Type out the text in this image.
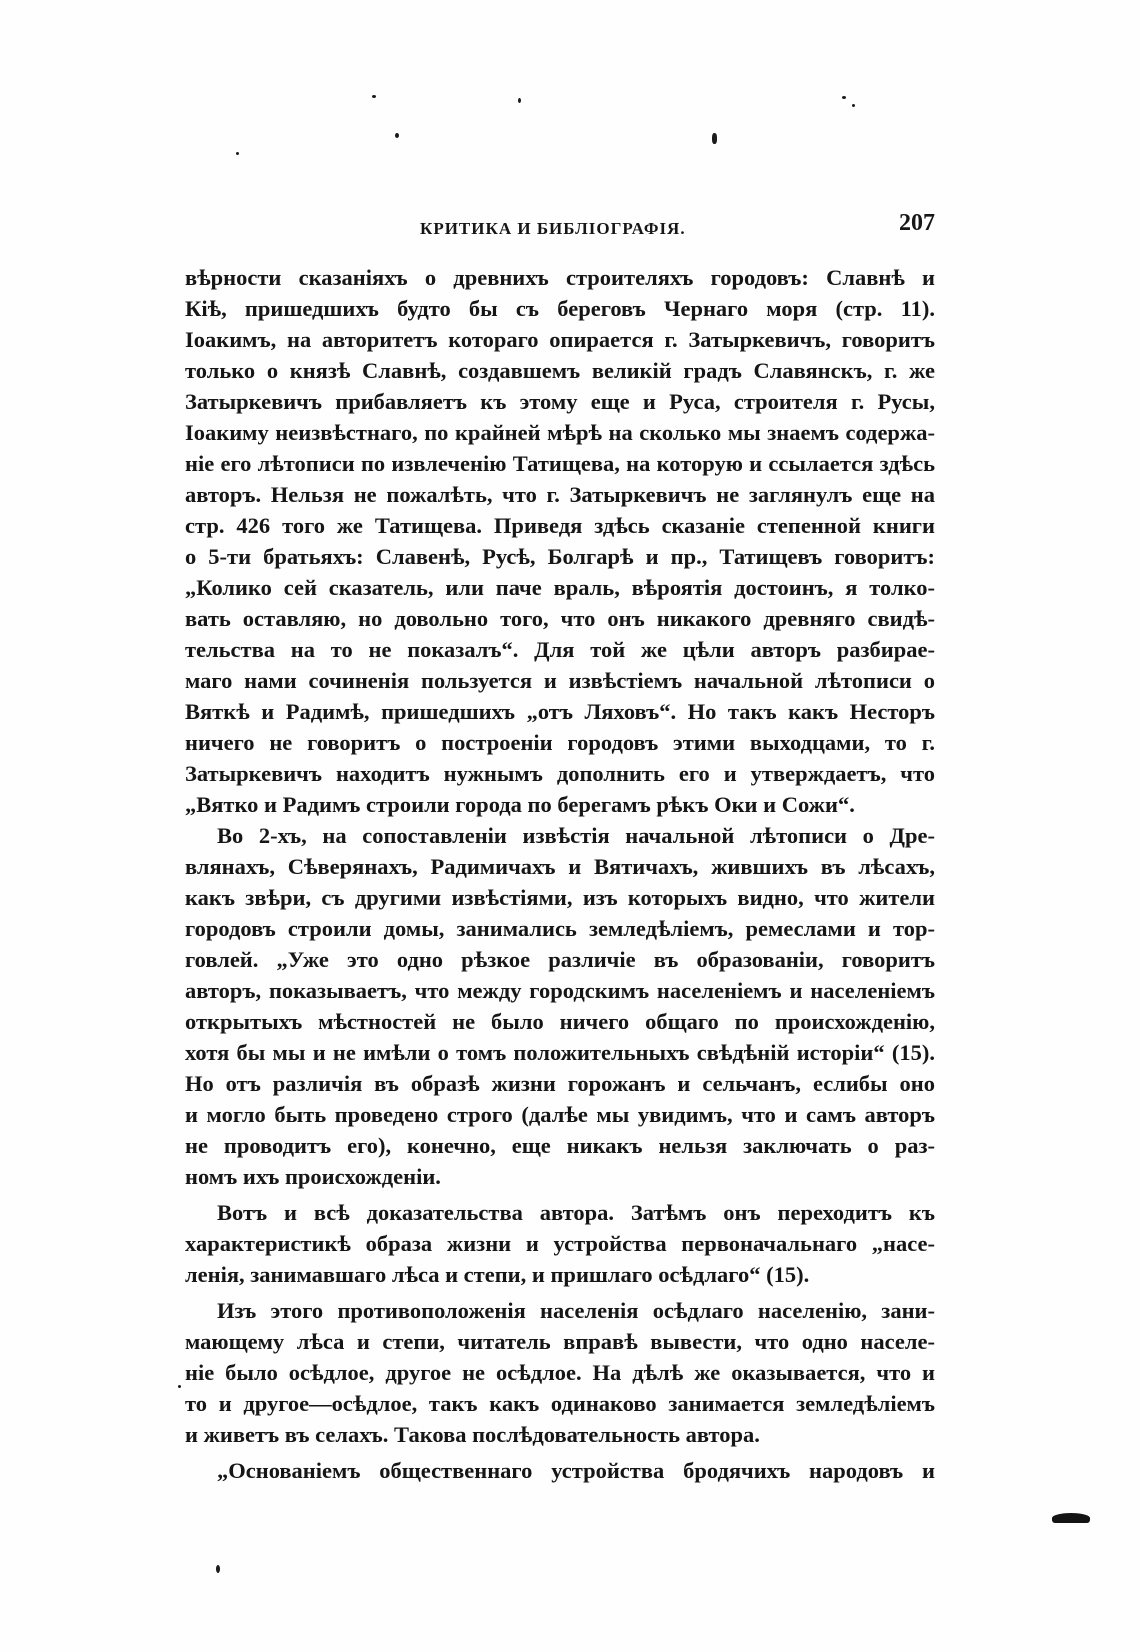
КРИТИКА И БИБЛІОГРАФІЯ.	207
вѣрности сказаніяхъ о древнихъ строителяхъ городовъ: Славнѣ и
Кіѣ, пришедшихъ будто бы съ береговъ Чернаго моря (стр. 11).
Іоакимъ, на авторитетъ котораго опирается г. Затыркевичъ, говоритъ
только о князѣ Славнѣ, создавшемъ великій градъ Славянскъ, г. же
Затыркевичъ прибавляетъ къ этому еще и Руса, строителя г. Русы,
Іоакиму неизвѣстнаго, по крайней мѣрѣ на сколько мы знаемъ содержа-
ніе его лѣтописи по извлеченію Татищева, на которую и ссылается здѣсь
авторъ. Нельзя не пожалѣть, что г. Затыркевичъ не заглянулъ еще на
стр. 426 того же Татищева. Приведя здѣсь сказаніе степенной книги
о 5-ти братьяхъ: Славенѣ, Русѣ, Болгарѣ и пр., Татищевъ говоритъ:
„Колико сей сказатель, или паче враль, вѣроятія достоинъ, я толко-
вать оставляю, но довольно того, что онъ никакого древняго свидѣ-
тельства на то не показалъ“. Для той же цѣли авторъ разбирае-
маго нами сочиненія пользуется и извѣстіемъ начальной лѣтописи о
Вяткѣ и Радимѣ, пришедшихъ „отъ Ляховъ“. Но такъ какъ Несторъ
ничего не говоритъ о построеніи городовъ этими выходцами, то г.
Затыркевичъ находитъ нужнымъ дополнить его и утверждаетъ, что
„Вятко и Радимъ строили города по берегамъ рѣкъ Оки и Сожи“.
Во 2-хъ, на сопоставленіи извѣстія начальной лѣтописи о Дре-
влянахъ, Сѣверянахъ, Радимичахъ и Вятичахъ, жившихъ въ лѣсахъ,
какъ звѣри, съ другими извѣстіями, изъ которыхъ видно, что жители
городовъ строили домы, занимались земледѣліемъ, ремеслами и тор-
говлей. „Уже это одно рѣзкое различіе въ образованіи, говоритъ
авторъ, показываетъ, что между городскимъ населеніемъ и населеніемъ
открытыхъ мѣстностей не было ничего общаго по происхожденію,
хотя бы мы и не имѣли о томъ положительныхъ свѣдѣній исторіи“ (15).
Но отъ различія въ образѣ жизни горожанъ и сельчанъ, еслибы оно
и могло быть проведено строго (далѣе мы увидимъ, что и самъ авторъ
не проводитъ его), конечно, еще никакъ нельзя заключать о раз-
номъ ихъ происхожденіи.
Вотъ и всѣ доказательства автора. Затѣмъ онъ переходитъ къ
характеристикѣ образа жизни и устройства первоначальнаго „насе-
ленія, занимавшаго лѣса и степи, и пришлаго осѣдлаго“ (15).
Изъ этого противоположенія населенія осѣдлаго населенію, зани-
мающему лѣса и степи, читатель вправѣ вывести, что одно населе-
ніе было осѣдлое, другое не осѣдлое. На дѣлѣ же оказывается, что и
то и другое—осѣдлое, такъ какъ одинаково занимается земледѣліемъ
и живетъ въ селахъ. Такова послѣдовательность автора.
„Основаніемъ общественнаго устройства бродячихъ народовъ и
